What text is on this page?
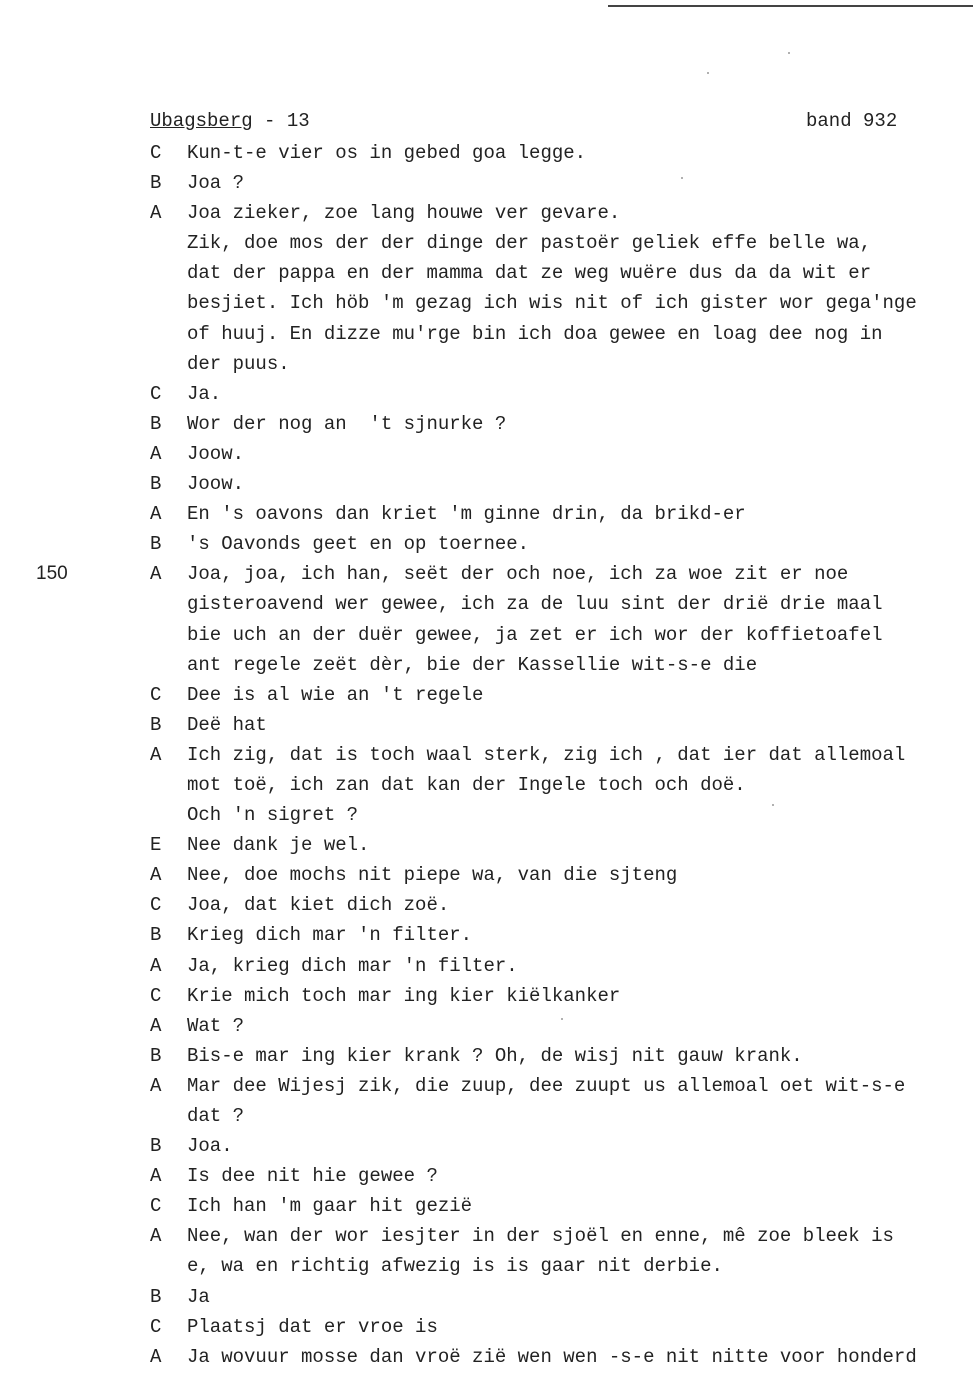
Ubagsberg - 13	band 932
C Kun-t-e vier os in gebed goa legge.
B Joa ?
A Joa zieker, zoe lang houwe ver gevare.
Zik, doe mos der der dinge der pastoër geliek effe belle wa,
dat der pappa en der mamma dat ze weg wuëre dus da da wit er
besjiet. Ich höb 'm gezag ich wis nit of ich gister wor gega'nge
of huuj. En dizze mu'rge bin ich doa gewee en loag dee nog in
der puus.
C Ja.
B Wor der nog an  't sjnurke ?
A Joow.
B Joow.
A En 's oavons dan kriet 'm ginne drin, da brikd-er
B 's Oavonds geet en op toernee.
150	A Joa, joa, ich han, seët der och noe, ich za woe zit er noe
gisteroavend wer gewee, ich za de luu sint der drië drie maal
bie uch an der duër gewee, ja zet er ich wor der koffietoafel
ant regele zeët dèr, bie der Kassellie wit-s-e die
C Dee is al wie an 't regele
B Deë hat
A Ich zig, dat is toch waal sterk, zig ich , dat ier dat allemoal
mot toë, ich zan dat kan der Ingele toch och doë.
Och 'n sigret ?
E Nee dank je wel.
A Nee, doe mochs nit piepe wa, van die sjteng
C Joa, dat kiet dich zoë.
B Krieg dich mar 'n filter.
A Ja, krieg dich mar 'n filter.
C Krie mich toch mar ing kier kiëlkanker
A Wat ?
B Bis-e mar ing kier krank ? Oh, de wisj nit gauw krank.
A Mar dee Wijesj zik, die zuup, dee zuupt us allemoal oet wit-s-e
dat ?
B Joa.
A Is dee nit hie gewee ?
C Ich han 'm gaar hit gezië
A Nee, wan der wor iesjter in der sjoël en enne, mê zoe bleek is
e, wa en richtig afwezig is is gaar nit derbie.
B Ja
C Plaatsj dat er vroe is
A Ja wovuur mosse dan vroë zië wen wen -s-e nit nitte voor honderd
